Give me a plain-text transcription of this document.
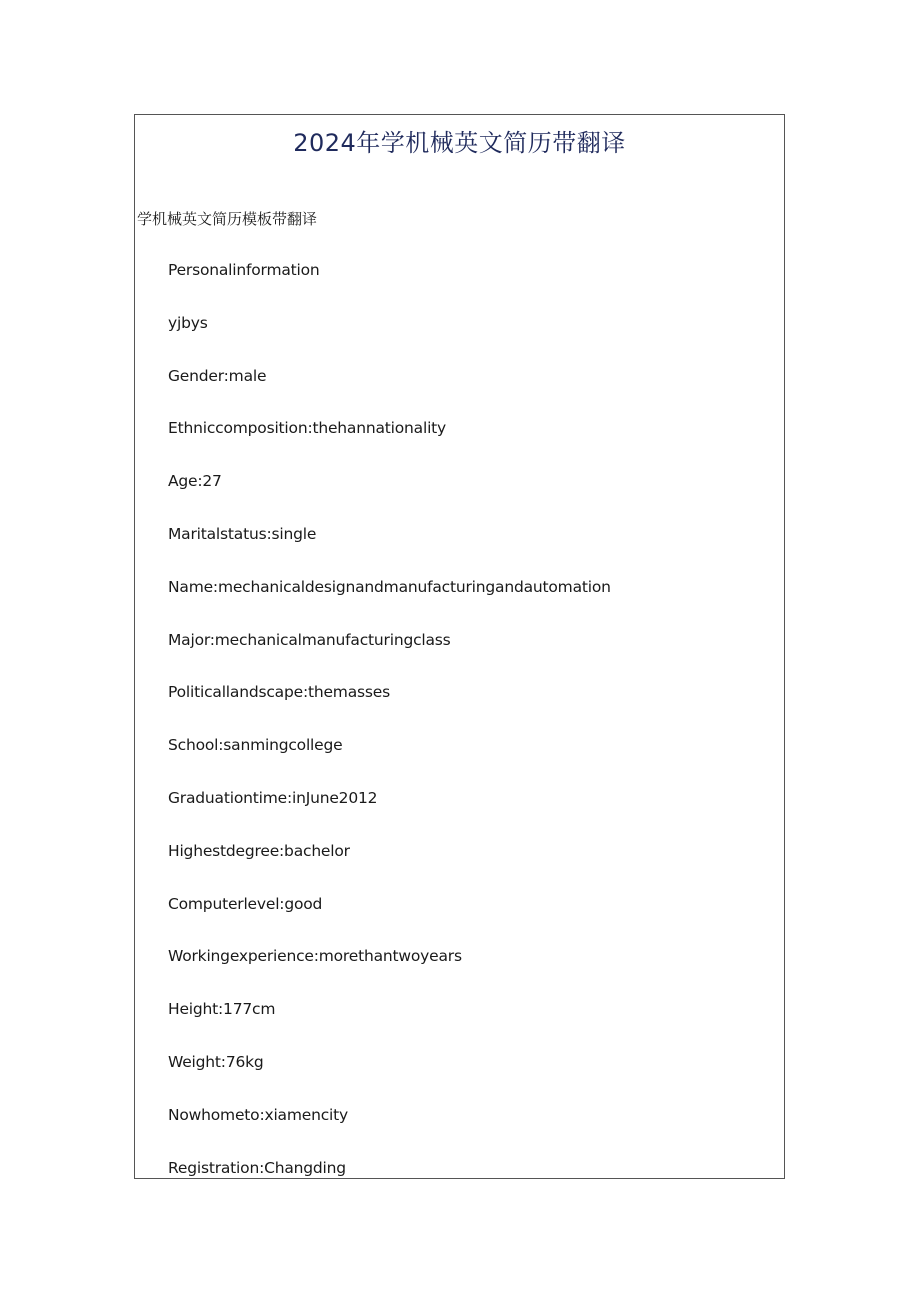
2024年学机械英文简历带翻译
学机械英文简历模板带翻译
Personalinformation
yjbys
Gender:male
Ethniccomposition:thehannationality
Age:27
Maritalstatus:single
Name:mechanicaldesignandmanufacturingandautomation
Major:mechanicalmanufacturingclass
Politicallandscape:themasses
School:sanmingcollege
Graduationtime:inJune2012
Highestdegree:bachelor
Computerlevel:good
Workingexperience:morethantwoyears
Height:177cm
Weight:76kg
Nowhometo:xiamencity
Registration:Changding
